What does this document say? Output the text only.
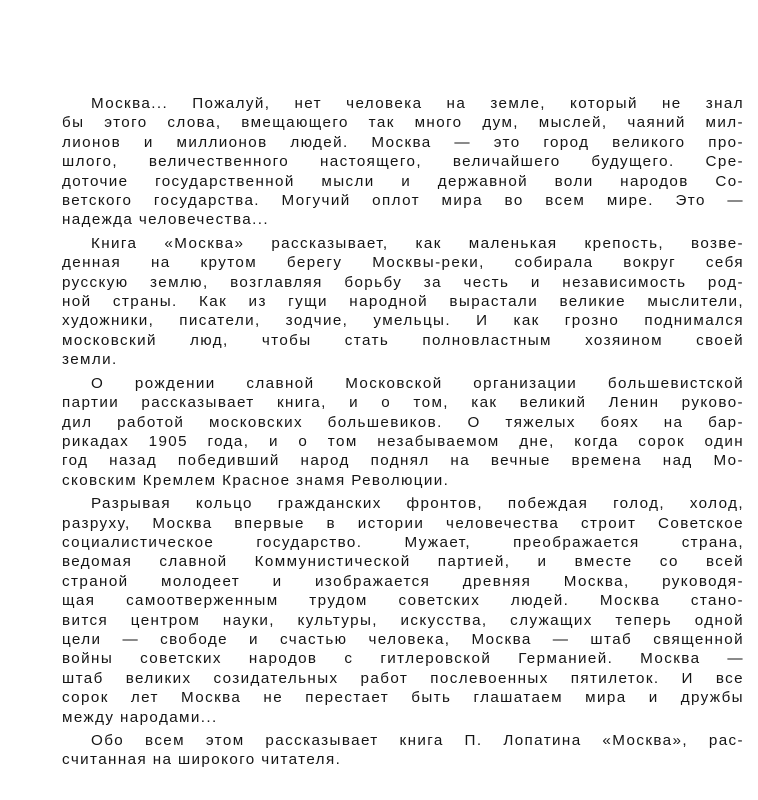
Москва... Пожалуй, нет человека на земле, который не знал
бы этого слова, вмещающего так много дум, мыслей, чаяний мил-
лионов и миллионов людей. Москва — это город великого про-
шлого, величественного настоящего, величайшего будущего. Сре-
доточие государственной мысли и державной воли народов Со-
ветского государства. Могучий оплот мира во всем мире. Это —
надежда человечества...

Книга «Москва» рассказывает, как маленькая крепость, возве-
денная на крутом берегу Москвы-реки, собирала вокруг себя
русскую землю, возглавляя борьбу за честь и независимость род-
ной страны. Как из гущи народной вырастали великие мыслители,
художники, писатели, зодчие, умельцы. И как грозно поднимался
московский люд, чтобы стать полновластным хозяином своей
земли.

О рождении славной Московской организации большевистской
партии рассказывает книга, и о том, как великий Ленин руково-
дил работой московских большевиков. О тяжелых боях на бар-
рикадах 1905 года, и о том незабываемом дне, когда сорок один
год назад победивший народ поднял на вечные времена над Мо-
сковским Кремлем Красное знамя Революции.

Разрывая кольцо гражданских фронтов, побеждая голод, холод,
разруху, Москва впервые в истории человечества строит Советское
социалистическое государство. Мужает, преображается страна,
ведомая славной Коммунистической партией, и вместе со всей
страной молодеет и изображается древняя Москва, руководя-
щая самоотверженным трудом советских людей. Москва стано-
вится центром науки, культуры, искусства, служащих теперь одной
цели — свободе и счастью человека, Москва — штаб священной
войны советских народов с гитлеровской Германией. Москва —
штаб великих созидательных работ послевоенных пятилеток. И все
сорок лет Москва не перестает быть глашатаем мира и дружбы
между народами...

Обо всем этом рассказывает книга П. Лопатина «Москва», рас-
считанная на широкого читателя.
